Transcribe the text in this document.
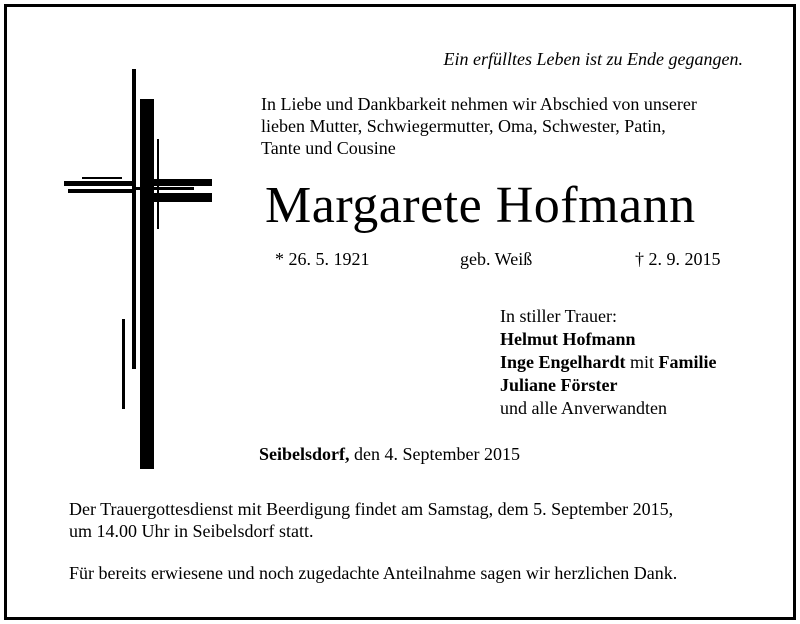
Ein erfülltes Leben ist zu Ende gegangen.
In Liebe und Dankbarkeit nehmen wir Abschied von unserer
lieben Mutter, Schwiegermutter, Oma, Schwester, Patin,
Tante und Cousine
Margarete Hofmann
* 26. 5. 1921	geb. Weiß	† 2. 9. 2015
In stiller Trauer:
Helmut Hofmann
Inge Engelhardt mit Familie
Juliane Förster
und alle Anverwandten
Seibelsdorf, den 4. September 2015
Der Trauergottesdienst mit Beerdigung findet am Samstag, dem 5. September 2015,
um 14.00 Uhr in Seibelsdorf statt.
Für bereits erwiesene und noch zugedachte Anteilnahme sagen wir herzlichen Dank.
